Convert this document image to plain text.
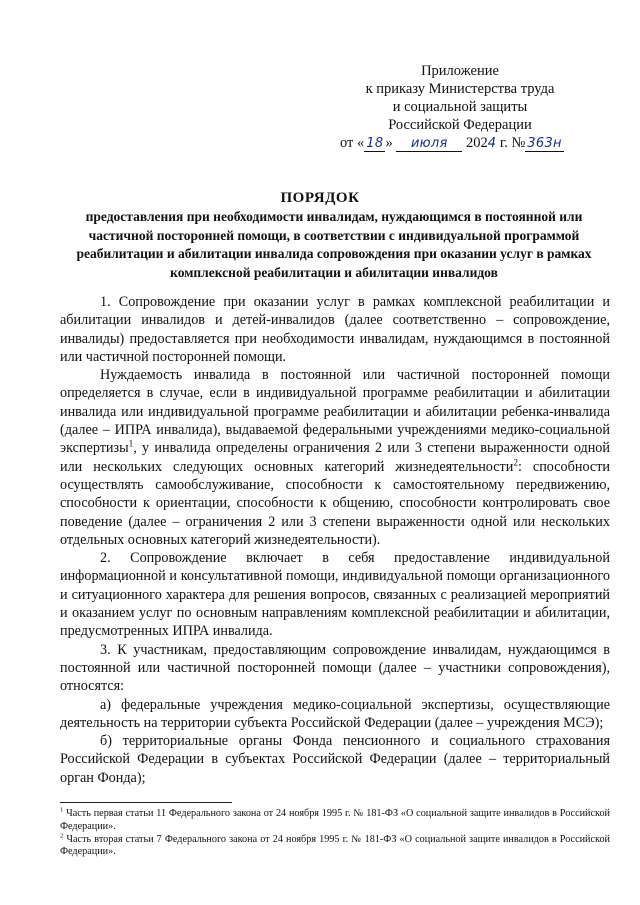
Приложение
к приказу Министерства труда
и социальной защиты
Российской Федерации
от « 18 » июля 2024 г. № 363н
ПОРЯДОК
предоставления при необходимости инвалидам, нуждающимся в постоянной или частичной посторонней помощи, в соответствии с индивидуальной программой реабилитации и абилитации инвалида сопровождения при оказании услуг в рамках комплексной реабилитации и абилитации инвалидов

1. Сопровождение при оказании услуг в рамках комплексной реабилитации и абилитации инвалидов и детей-инвалидов (далее соответственно – сопровождение, инвалиды) предоставляется при необходимости инвалидам, нуждающимся в постоянной или частичной посторонней помощи.

Нуждаемость инвалида в постоянной или частичной посторонней помощи определяется в случае, если в индивидуальной программе реабилитации и абилитации инвалида или индивидуальной программе реабилитации и абилитации ребенка-инвалида (далее – ИПРА инвалида), выдаваемой федеральными учреждениями медико-социальной экспертизы$^1$, у инвалида определены ограничения 2 или 3 степени выраженности одной или нескольких следующих основных категорий жизнедеятельности$^2$: способности осуществлять самообслуживание, способности к самостоятельному передвижению, способности к ориентации, способности к общению, способности контролировать свое поведение (далее – ограничения 2 или 3 степени выраженности одной или нескольких отдельных основных категорий жизнедеятельности).

2. Сопровождение включает в себя предоставление индивидуальной информационной и консультативной помощи, индивидуальной помощи организационного и ситуационного характера для решения вопросов, связанных с реализацией мероприятий и оказанием услуг по основным направлениям комплексной реабилитации и абилитации, предусмотренных ИПРА инвалида.

3. К участникам, предоставляющим сопровождение инвалидам, нуждающимся в постоянной или частичной посторонней помощи (далее – участники сопровождения), относятся:

а) федеральные учреждения медико-социальной экспертизы, осуществляющие деятельность на территории субъекта Российской Федерации (далее – учреждения МСЭ);

б) территориальные органы Фонда пенсионного и социального страхования Российской Федерации в субъектах Российской Федерации (далее – территориальный орган Фонда);

$^1$ Часть первая статьи 11 Федерального закона от 24 ноября 1995 г. № 181-ФЗ «О социальной защите инвалидов в Российской Федерации».

$^2$ Часть вторая статьи 7 Федерального закона от 24 ноября 1995 г. № 181-ФЗ «О социальной защите инвалидов в Российской Федерации».
